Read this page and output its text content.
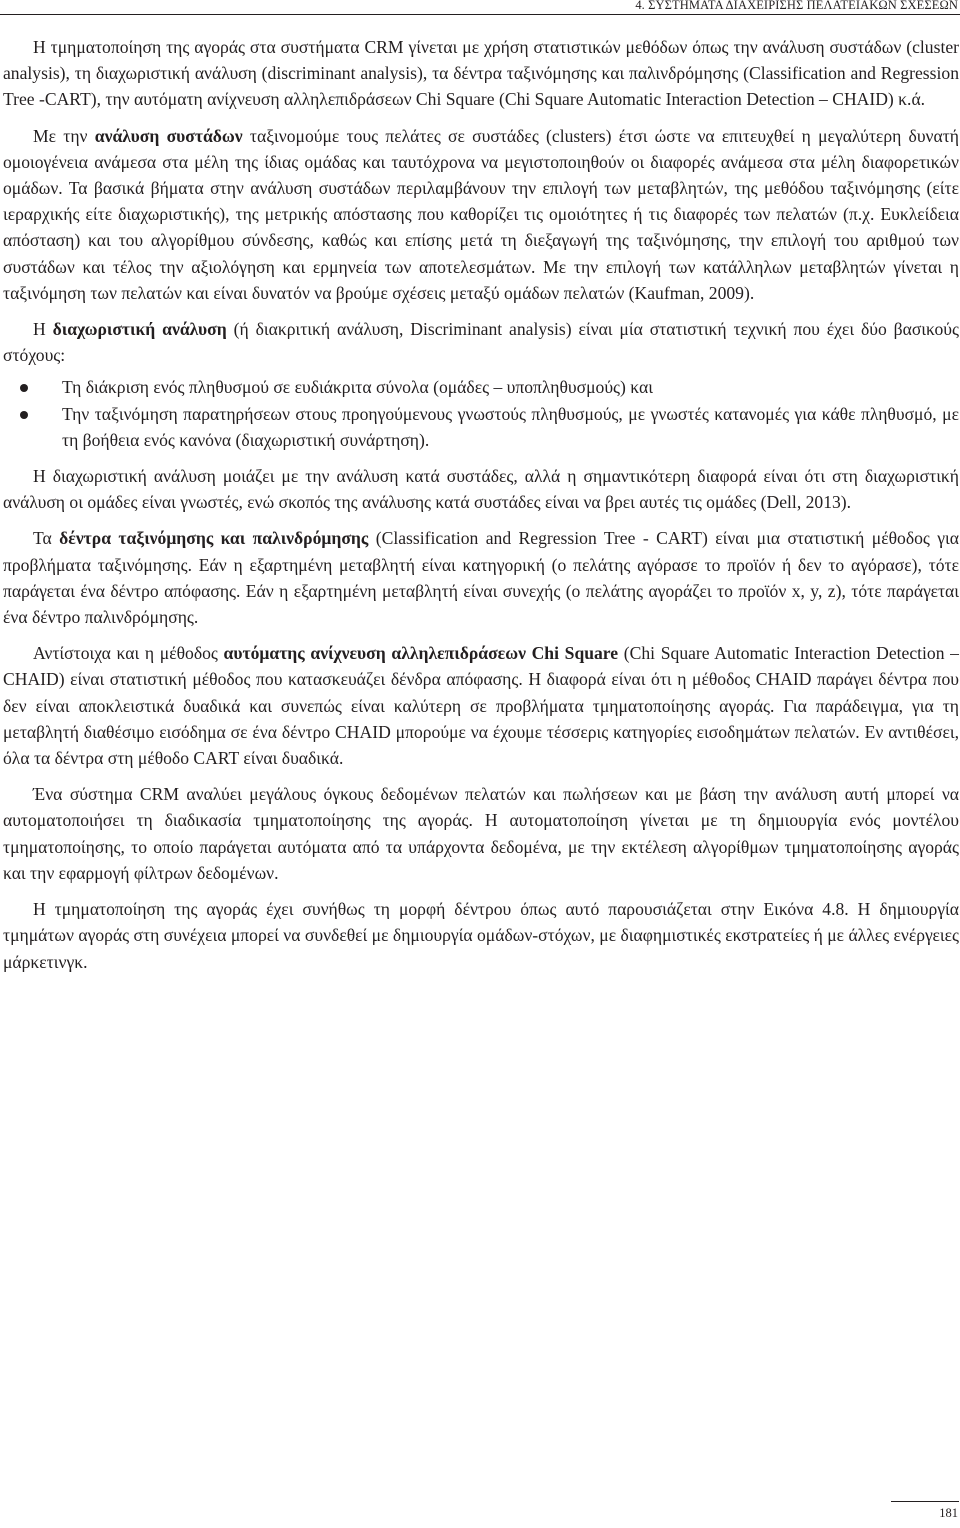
4. ΣΥΣΤΗΜΑΤΑ ΔΙΑΧΕΙΡΙΣΗΣ ΠΕΛΑΤΕΙΑΚΩΝ ΣΧΕΣΕΩΝ

Η τμηματοποίηση της αγοράς στα συστήματα CRM γίνεται με χρήση στατιστικών μεθόδων όπως την ανάλυση συστάδων (cluster analysis), τη διαχωριστική ανάλυση (discriminant analysis), τα δέντρα ταξινόμησης και παλινδρόμησης (Classification and Regression Tree -CART), την αυτόματη ανίχνευση αλληλεπιδράσεων Chi Square (Chi Square Automatic Interaction Detection – CHAID) κ.ά.

Με την ανάλυση συστάδων ταξινομούμε τους πελάτες σε συστάδες (clusters) έτσι ώστε να επιτευχθεί η μεγαλύτερη δυνατή ομοιογένεια ανάμεσα στα μέλη της ίδιας ομάδας και ταυτόχρονα να μεγιστοποιηθούν οι διαφορές ανάμεσα στα μέλη διαφορετικών ομάδων. Τα βασικά βήματα στην ανάλυση συστάδων περιλαμβάνουν την επιλογή των μεταβλητών, της μεθόδου ταξινόμησης (είτε ιεραρχικής είτε διαχωριστικής), της μετρικής απόστασης που καθορίζει τις ομοιότητες ή τις διαφορές των πελατών (π.χ. Ευκλείδεια απόσταση) και του αλγορίθμου σύνδεσης, καθώς και επίσης μετά τη διεξαγωγή της ταξινόμησης, την επιλογή του αριθμού των συστάδων και τέλος την αξιολόγηση και ερμηνεία των αποτελεσμάτων. Με την επιλογή των κατάλληλων μεταβλητών γίνεται η ταξινόμηση των πελατών και είναι δυνατόν να βρούμε σχέσεις μεταξύ ομάδων πελατών (Kaufman, 2009).

Η διαχωριστική ανάλυση (ή διακριτική ανάλυση, Discriminant analysis) είναι μία στατιστική τεχνική που έχει δύο βασικούς στόχους:

Τη διάκριση ενός πληθυσμού σε ευδιάκριτα σύνολα (ομάδες – υποπληθυσμούς) και
Την ταξινόμηση παρατηρήσεων στους προηγούμενους γνωστούς πληθυσμούς, με γνωστές κατανομές για κάθε πληθυσμό, με τη βοήθεια ενός κανόνα (διαχωριστική συνάρτηση).

Η διαχωριστική ανάλυση μοιάζει με την ανάλυση κατά συστάδες, αλλά η σημαντικότερη διαφορά είναι ότι στη διαχωριστική ανάλυση οι ομάδες είναι γνωστές, ενώ σκοπός της ανάλυσης κατά συστάδες είναι να βρει αυτές τις ομάδες (Dell, 2013).

Τα δέντρα ταξινόμησης και παλινδρόμησης (Classification and Regression Tree - CART) είναι μια στατιστική μέθοδος για προβλήματα ταξινόμησης. Εάν η εξαρτημένη μεταβλητή είναι κατηγορική (ο πελάτης αγόρασε το προϊόν ή δεν το αγόρασε), τότε παράγεται ένα δέντρο απόφασης. Εάν η εξαρτημένη μεταβλητή είναι συνεχής (ο πελάτης αγοράζει το προϊόν x, y, z), τότε παράγεται ένα δέντρο παλινδρόμησης.

Αντίστοιχα και η μέθοδος αυτόματης ανίχνευση αλληλεπιδράσεων Chi Square (Chi Square Automatic Interaction Detection – CHAID) είναι στατιστική μέθοδος που κατασκευάζει δένδρα απόφασης. Η διαφορά είναι ότι η μέθοδος CHAID παράγει δέντρα που δεν είναι αποκλειστικά δυαδικά και συνεπώς είναι καλύτερη σε προβλήματα τμηματοποίησης αγοράς. Για παράδειγμα, για τη μεταβλητή διαθέσιμο εισόδημα σε ένα δέντρο CHAID μπορούμε να έχουμε τέσσερις κατηγορίες εισοδημάτων πελατών. Εν αντιθέσει, όλα τα δέντρα στη μέθοδο CART είναι δυαδικά.

Ένα σύστημα CRM αναλύει μεγάλους όγκους δεδομένων πελατών και πωλήσεων και με βάση την ανάλυση αυτή μπορεί να αυτοματοποιήσει τη διαδικασία τμηματοποίησης της αγοράς. Η αυτοματοποίηση γίνεται με τη δημιουργία ενός μοντέλου τμηματοποίησης, το οποίο παράγεται αυτόματα από τα υπάρχοντα δεδομένα, με την εκτέλεση αλγορίθμων τμηματοποίησης αγοράς και την εφαρμογή φίλτρων δεδομένων.

Η τμηματοποίηση της αγοράς έχει συνήθως τη μορφή δέντρου όπως αυτό παρουσιάζεται στην Εικόνα 4.8. Η δημιουργία τμημάτων αγοράς στη συνέχεια μπορεί να συνδεθεί με δημιουργία ομάδων-στόχων, με διαφημιστικές εκστρατείες ή με άλλες ενέργειες μάρκετινγκ.

181
